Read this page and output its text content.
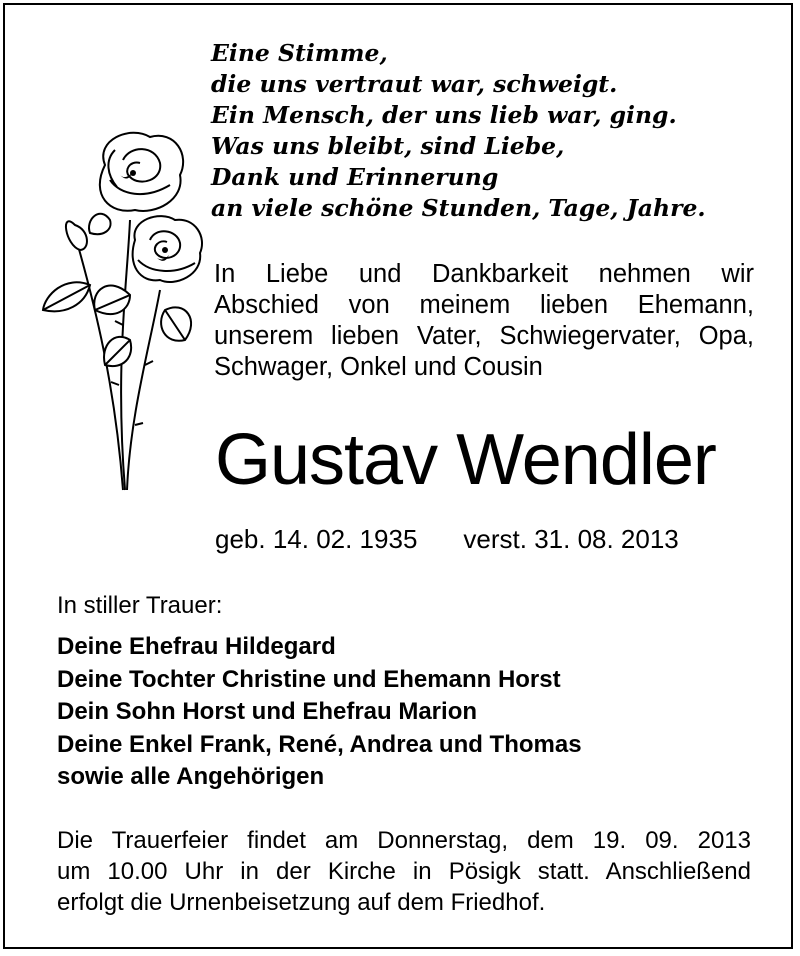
Eine Stimme,
die uns vertraut war, schweigt.
Ein Mensch, der uns lieb war, ging.
Was uns bleibt, sind Liebe,
Dank und Erinnerung
an viele schöne Stunden, Tage, Jahre.
In Liebe und Dankbarkeit nehmen wir
Abschied von meinem lieben Ehemann,
unserem lieben Vater, Schwiegervater, Opa,
Schwager, Onkel und Cousin
Gustav Wendler
geb. 14. 02. 1935 verst. 31. 08. 2013
In stiller Trauer:
Deine Ehefrau Hildegard
Deine Tochter Christine und Ehemann Horst
Dein Sohn Horst und Ehefrau Marion
Deine Enkel Frank, René, Andrea und Thomas
sowie alle Angehörigen
Die Trauerfeier findet am Donnerstag, dem 19. 09. 2013
um 10.00 Uhr in der Kirche in Pösigk statt. Anschließend
erfolgt die Urnenbeisetzung auf dem Friedhof.
